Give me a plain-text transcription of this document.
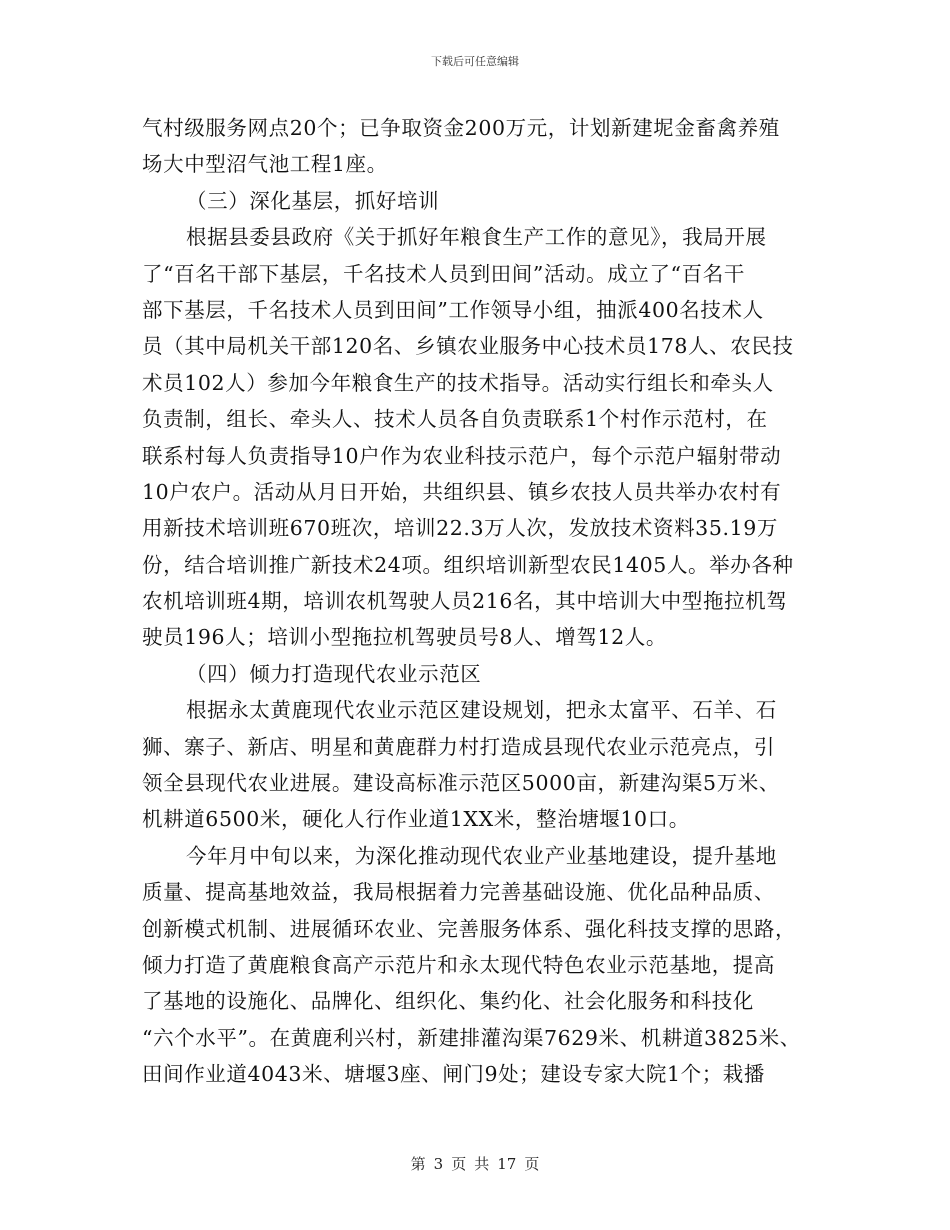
下载后可任意编辑
气村级服务网点20个；已争取资金200万元，计划新建坭金畜禽养殖
场大中型沼气池工程1座。
（三）深化基层，抓好培训
根据县委县政府《关于抓好年粮食生产工作的意见》，我局开展
了“百名干部下基层，千名技术人员到田间”活动。成立了“百名干
部下基层，千名技术人员到田间”工作领导小组，抽派400名技术人
员（其中局机关干部120名、乡镇农业服务中心技术员178人、农民技
术员102人）参加今年粮食生产的技术指导。活动实行组长和牵头人
负责制，组长、牵头人、技术人员各自负责联系1个村作示范村，在
联系村每人负责指导10户作为农业科技示范户，每个示范户辐射带动
10户农户。活动从月日开始，共组织县、镇乡农技人员共举办农村有
用新技术培训班670班次，培训22.3万人次，发放技术资料35.19万
份，结合培训推广新技术24项。组织培训新型农民1405人。举办各种
农机培训班4期，培训农机驾驶人员216名，其中培训大中型拖拉机驾
驶员196人；培训小型拖拉机驾驶员号8人、增驾12人。
（四）倾力打造现代农业示范区
根据永太黄鹿现代农业示范区建设规划，把永太富平、石羊、石
狮、寨子、新店、明星和黄鹿群力村打造成县现代农业示范亮点，引
领全县现代农业进展。建设高标准示范区5000亩，新建沟渠5万米、
机耕道6500米，硬化人行作业道1XX米，整治塘堰10口。
今年月中旬以来，为深化推动现代农业产业基地建设，提升基地
质量、提高基地效益，我局根据着力完善基础设施、优化品种品质、
创新模式机制、进展循环农业、完善服务体系、强化科技支撑的思路，
倾力打造了黄鹿粮食高产示范片和永太现代特色农业示范基地，提高
了基地的设施化、品牌化、组织化、集约化、社会化服务和科技化
“六个水平”。在黄鹿利兴村，新建排灌沟渠7629米、机耕道3825米、
田间作业道4043米、塘堰3座、闸门9处；建设专家大院1个；栽播
第 3 页 共 17 页
